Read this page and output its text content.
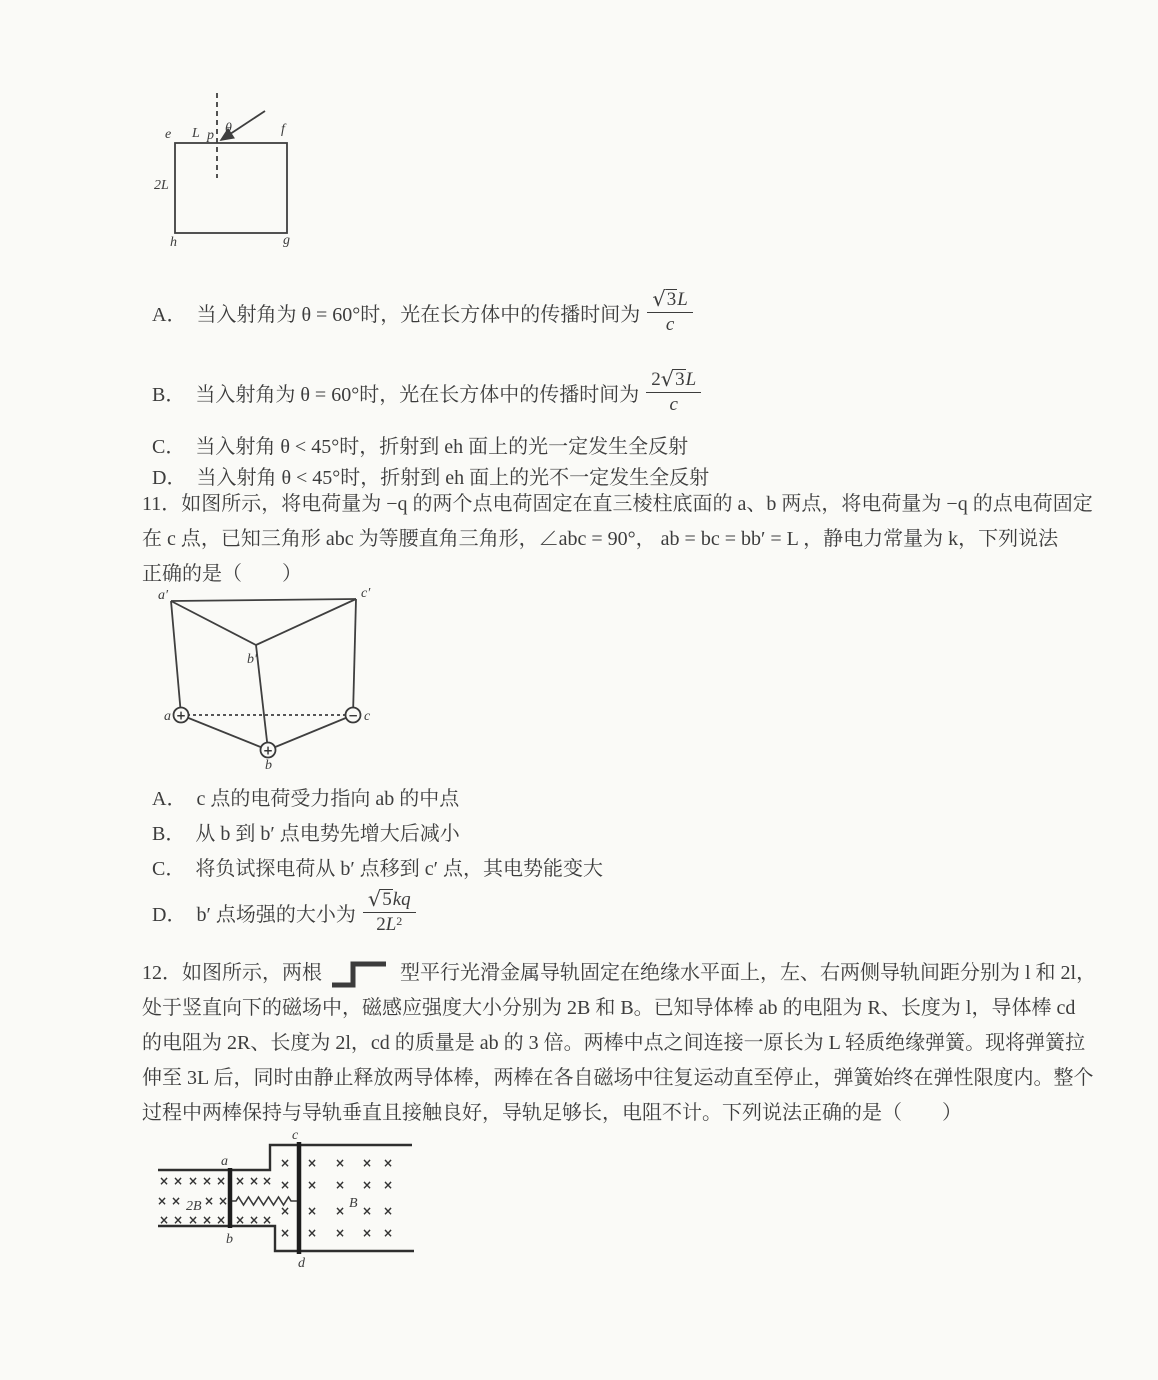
e L p θ	f
2L
h	g
A． 当入射角为 θ = 60°时，光在长方体中的传播时间为 $\frac{√ 3 L}{c}$
B． 当入射角为 θ = 60°时，光在长方体中的传播时间为 $\frac{2 √ 3 L}{c}$
C． 当入射角 θ < 45°时，折射到 eh 面上的光一定发生全反射
D． 当入射角 θ < 45°时，折射到 eh 面上的光不一定发生全反射
11．如图所示，将电荷量为 −q 的两个点电荷固定在直三棱柱底面的 a、b 两点，将电荷量为 −q 的点电荷固定
在 c 点，已知三角形 abc 为等腰直角三角形，∠abc = 90°， ab = bc = bb′ = L ，静电力常量为 k，下列说法
正确的是（　　）
+
+
−
a′	c′
b′
a
b
c
A． c 点的电荷受力指向 ab 的中点
B． 从 b 到 b′ 点电势先增大后减小
C． 将负试探电荷从 b′ 点移到 c′ 点，其电势能变大
D． b′ 点场强的大小为 $\frac{√ 5 kq}{2 L 2}$
12． 如图所示，两根	型平行光滑金属导轨固定在绝缘水平面上，左、右两侧导轨间距分别为 l 和 2l，
处于竖直向下的磁场中，磁感应强度大小分别为 2B 和 B。已知导体棒 ab 的电阻为 R、长度为 l，导体棒 cd
的电阻为 2R、长度为 2l，cd 的质量是 ab 的 3 倍。两棒中点之间连接一原长为 L 轻质绝缘弹簧。现将弹簧拉
伸至 3L 后，同时由静止释放两导体棒，两棒在各自磁场中往复运动直至停止，弹簧始终在弹性限度内。整个
过程中两棒保持与导轨垂直且接触良好，导轨足够长，电阻不计。下列说法正确的是（　　）
a
b
c
d
2B	B
× × × × × × × ×
× × × ×
× × × × × × × ×
×
×
×
×
× × × ×
× × × ×
× × × ×
× × × ×
